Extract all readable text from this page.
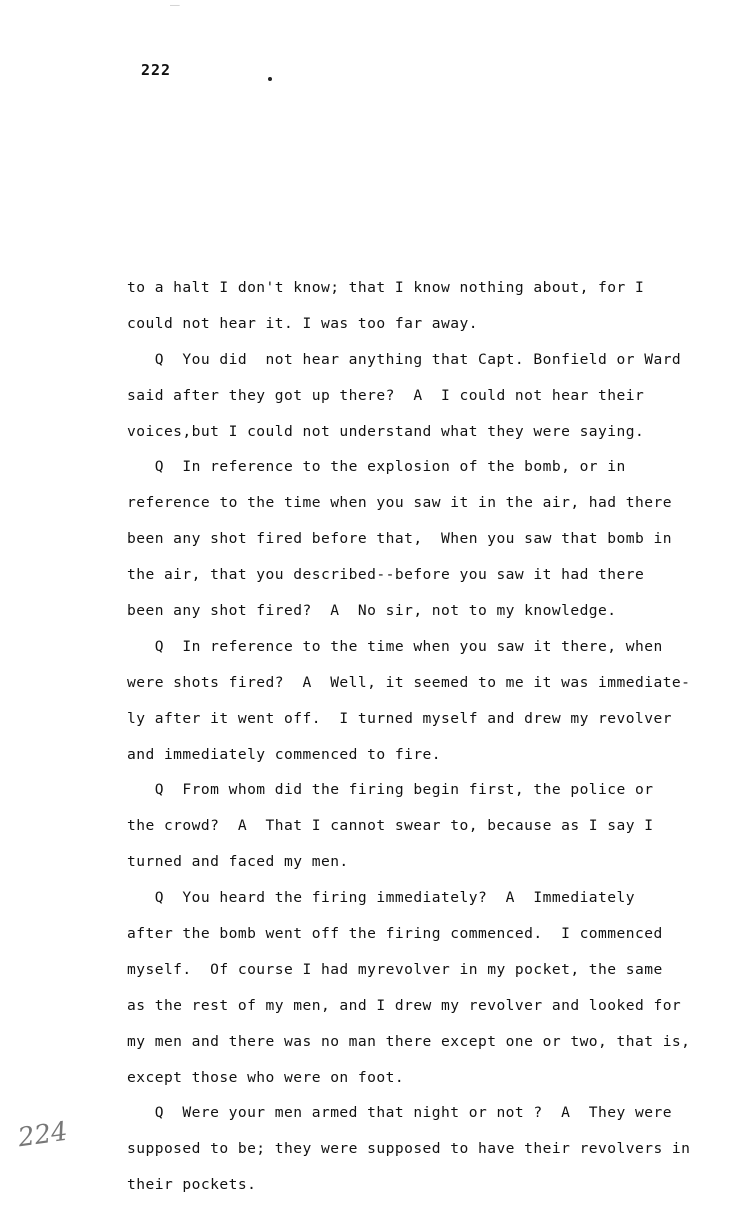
‾
222
to a halt I don't know; that I know nothing about, for I
could not hear it. I was too far away.
Q  You did  not hear anything that Capt. Bonfield or Ward
said after they got up there?  A  I could not hear their
voices,but I could not understand what they were saying.
Q  In reference to the explosion of the bomb, or in
reference to the time when you saw it in the air, had there
been any shot fired before that,  When you saw that bomb in
the air, that you described--before you saw it had there
been any shot fired?  A  No sir, not to my knowledge.
Q  In reference to the time when you saw it there, when
were shots fired?  A  Well, it seemed to me it was immediate-
ly after it went off.  I turned myself and drew my revolver
and immediately commenced to fire.
Q  From whom did the firing begin first, the police or
the crowd?  A  That I cannot swear to, because as I say I
turned and faced my men.
Q  You heard the firing immediately?  A  Immediately
after the bomb went off the firing commenced.  I commenced
myself.  Of course I had myrevolver in my pocket, the same
as the rest of my men, and I drew my revolver and looked for
my men and there was no man there except one or two, that is,
except those who were on foot.
Q  Were your men armed that night or not ?  A  They were
supposed to be; they were supposed to have their revolvers in
their pockets.
224
